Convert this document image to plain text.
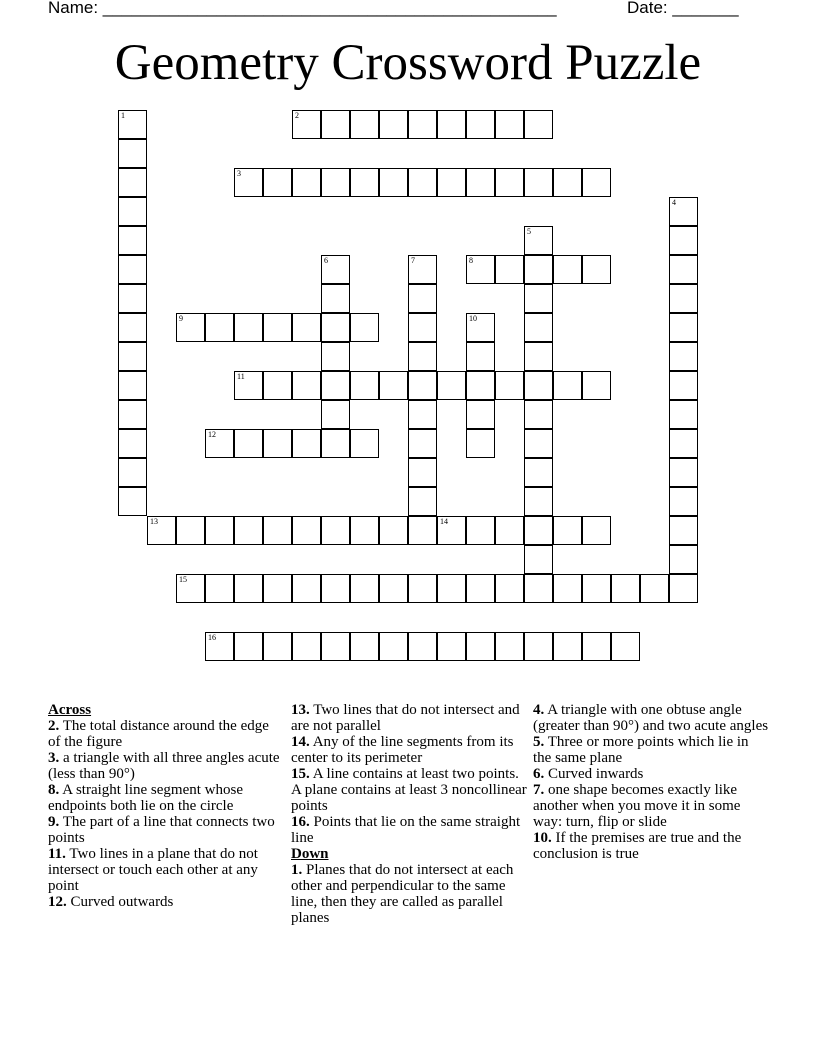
Name: ________________________________________________	Date: _______
Geometry Crossword Puzzle
1	2
3
4
5
6	7	8
9	10
11
12
13	14
15
16

Across

2. The total distance around the edge of the figure

3. a triangle with all three angles acute (less than 90°)

8. A straight line segment whose endpoints both lie on the circle

9. The part of a line that connects two points

11. Two lines in a plane that do not intersect or touch each other at any point

12. Curved outwards

13. Two lines that do not intersect and are not parallel

14. Any of the line segments from its center to its perimeter

15. A line contains at least two points. A plane contains at least 3 noncollinear points

16. Points that lie on the same straight line

Down

1. Planes that do not intersect at each other and perpendicular to the same line, then they are called as parallel planes

4. A triangle with one obtuse angle (greater than 90°) and two acute angles

5. Three or more points which lie in the same plane

6. Curved inwards

7. one shape becomes exactly like another when you move it in some way: turn, flip or slide

10. If the premises are true and the conclusion is true
